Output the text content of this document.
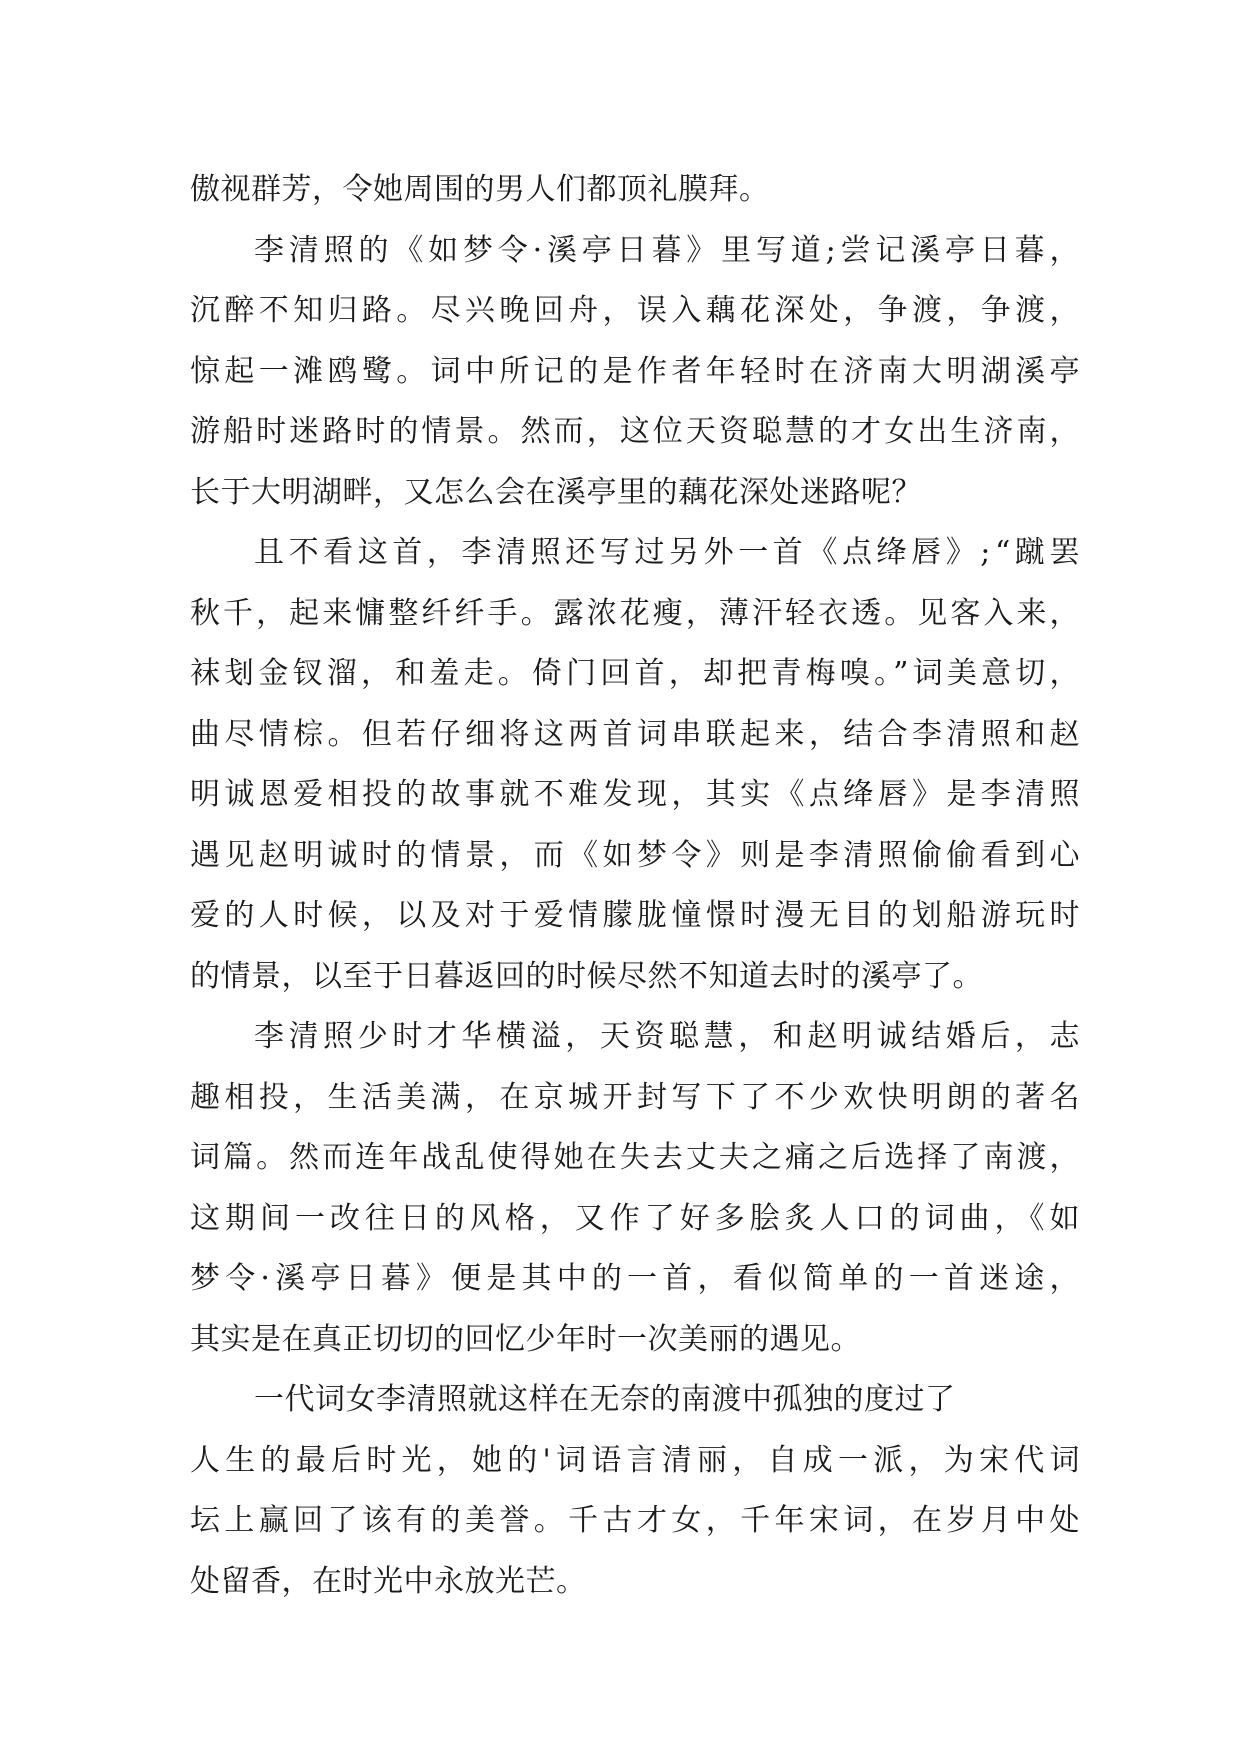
傲视群芳，令她周围的男人们都顶礼膜拜。
李清照的《如梦令·溪亭日暮》里写道;尝记溪亭日暮，
沉醉不知归路。尽兴晚回舟，误入藕花深处，争渡，争渡，
惊起一滩鸥鹭。词中所记的是作者年轻时在济南大明湖溪亭
游船时迷路时的情景。然而，这位天资聪慧的才女出生济南，
长于大明湖畔，又怎么会在溪亭里的藕花深处迷路呢？
且不看这首，李清照还写过另外一首《点绛唇》;“蹴罢
秋千，起来慵整纤纤手。露浓花瘦，薄汗轻衣透。见客入来，
袜刬金钗溜，和羞走。倚门回首，却把青梅嗅。”词美意切，
曲尽情棕。但若仔细将这两首词串联起来，结合李清照和赵
明诚恩爱相投的故事就不难发现，其实《点绛唇》是李清照
遇见赵明诚时的情景，而《如梦令》则是李清照偷偷看到心
爱的人时候，以及对于爱情朦胧憧憬时漫无目的划船游玩时
的情景，以至于日暮返回的时候尽然不知道去时的溪亭了。
李清照少时才华横溢，天资聪慧，和赵明诚结婚后，志
趣相投，生活美满，在京城开封写下了不少欢快明朗的著名
词篇。然而连年战乱使得她在失去丈夫之痛之后选择了南渡，
这期间一改往日的风格，又作了好多脍炙人口的词曲，《如
梦令·溪亭日暮》便是其中的一首，看似简单的一首迷途，
其实是在真正切切的回忆少年时一次美丽的遇见。
一代词女李清照就这样在无奈的南渡中孤独的度过了
人生的最后时光，她的'词语言清丽，自成一派，为宋代词
坛上赢回了该有的美誉。千古才女，千年宋词，在岁月中处
处留香，在时光中永放光芒。
